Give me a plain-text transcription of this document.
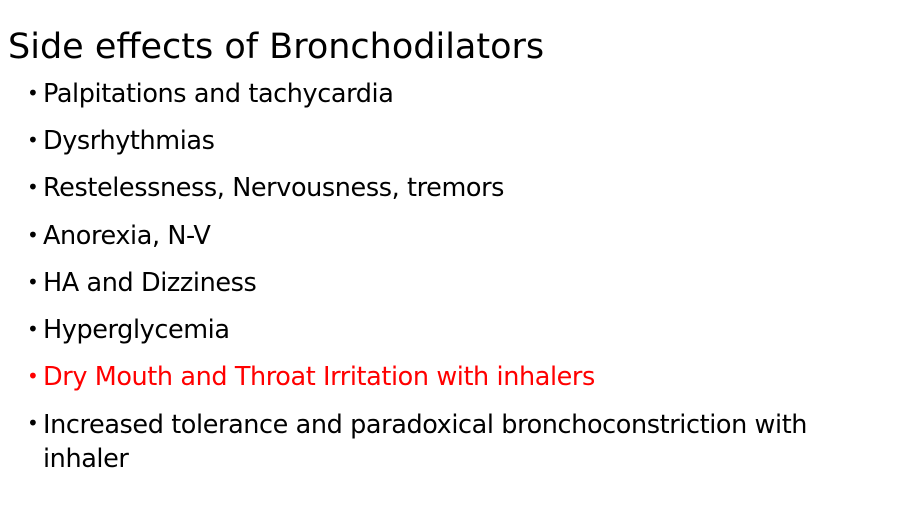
Side effects of Bronchodilators
• Palpitations and tachycardia
• Dysrhythmias
• Restelessness, Nervousness, tremors
• Anorexia, N-V
• HA and Dizziness
• Hyperglycemia
• Dry Mouth and Throat Irritation with inhalers
• Increased tolerance and paradoxical bronchoconstriction with inhaler
